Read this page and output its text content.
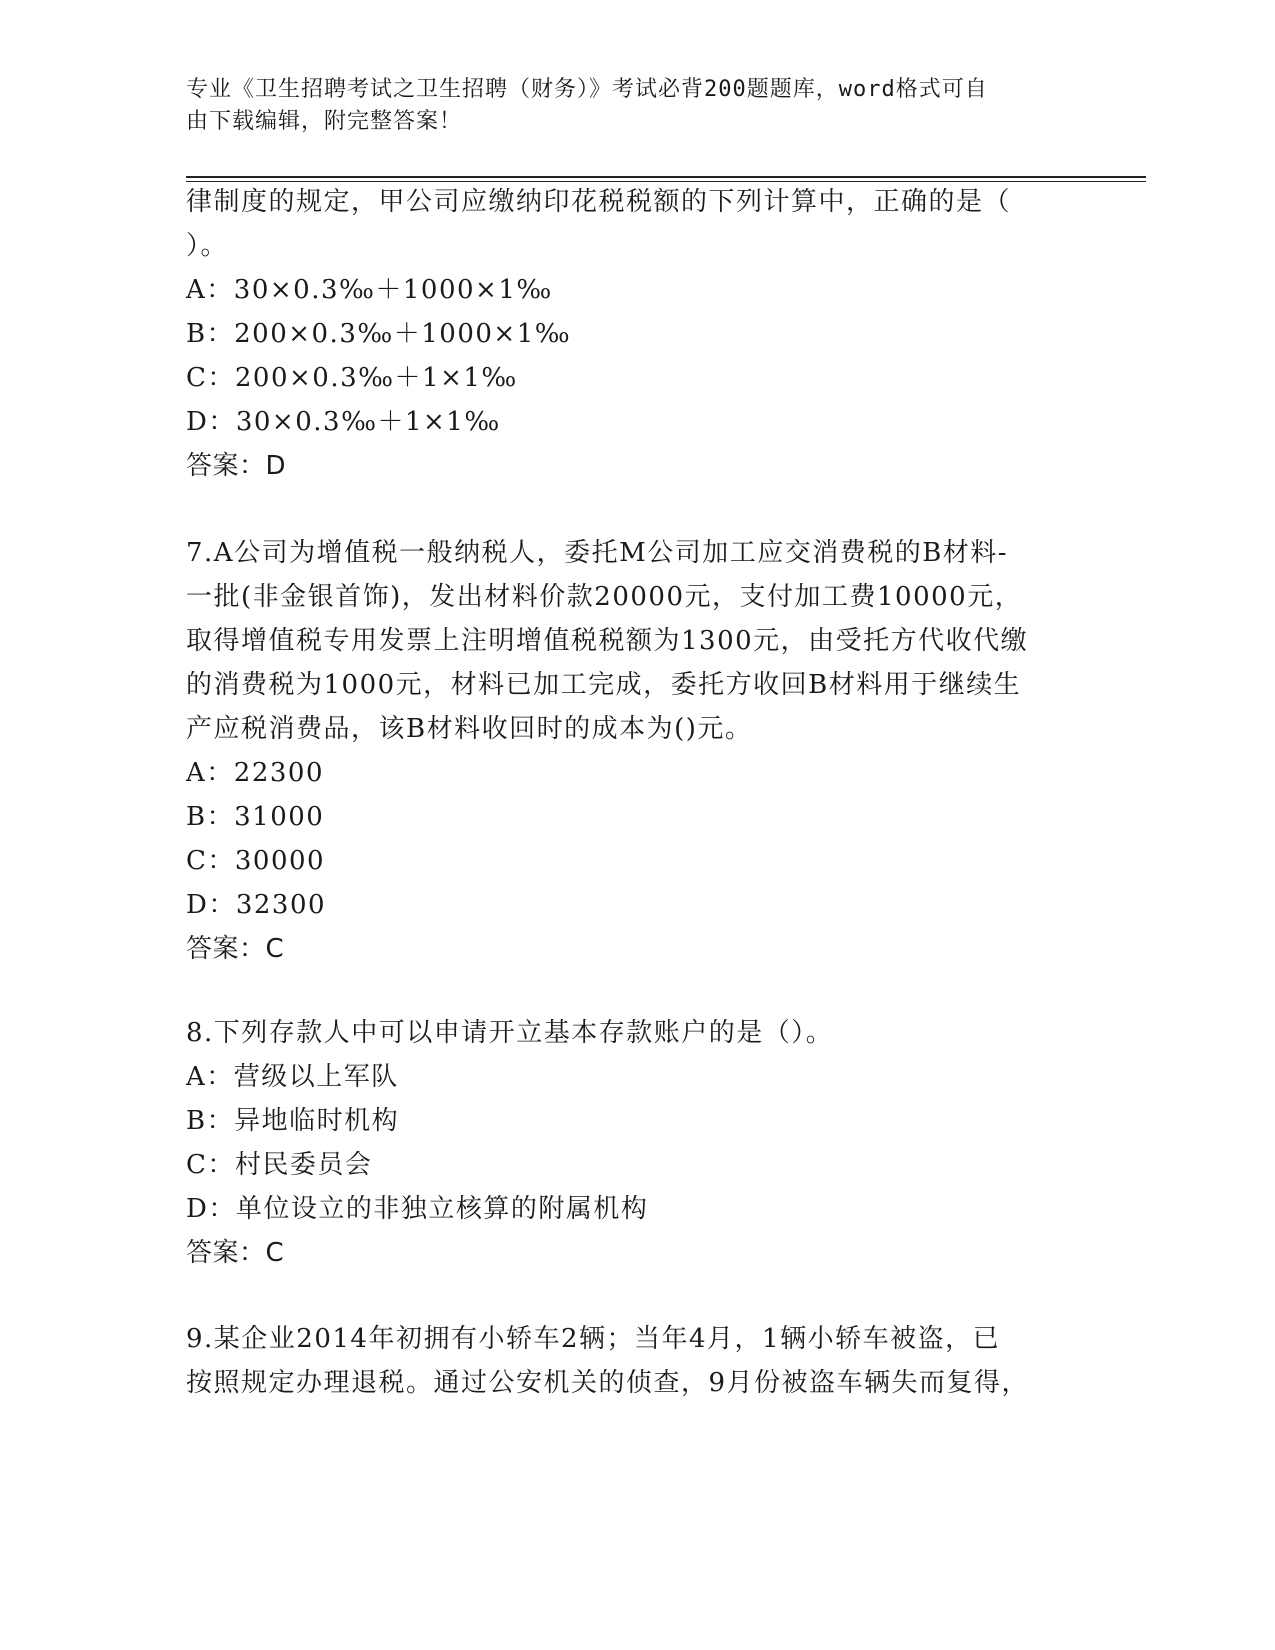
专业《卫生招聘考试之卫生招聘（财务）》考试必背200题题库，word格式可自
由下载编辑，附完整答案！
律制度的规定，甲公司应缴纳印花税税额的下列计算中，正确的是（
）。
A：30×0.3‰＋1000×1‰
B：200×0.3‰＋1000×1‰
C：200×0.3‰＋1×1‰
D：30×0.3‰＋1×1‰
答案：D
7.A公司为增值税一般纳税人，委托M公司加工应交消费税的B材料-
一批(非金银首饰)，发出材料价款20000元，支付加工费10000元，
取得增值税专用发票上注明增值税税额为1300元，由受托方代收代缴
的消费税为1000元，材料已加工完成，委托方收回B材料用于继续生
产应税消费品，该B材料收回时的成本为()元。
A：22300
B：31000
C：30000
D：32300
答案：C
8.下列存款人中可以申请开立基本存款账户的是（）。
A：营级以上军队
B：异地临时机构
C：村民委员会
D：单位设立的非独立核算的附属机构
答案：C
9.某企业2014年初拥有小轿车2辆；当年4月，1辆小轿车被盗，已
按照规定办理退税。通过公安机关的侦查，9月份被盗车辆失而复得，
